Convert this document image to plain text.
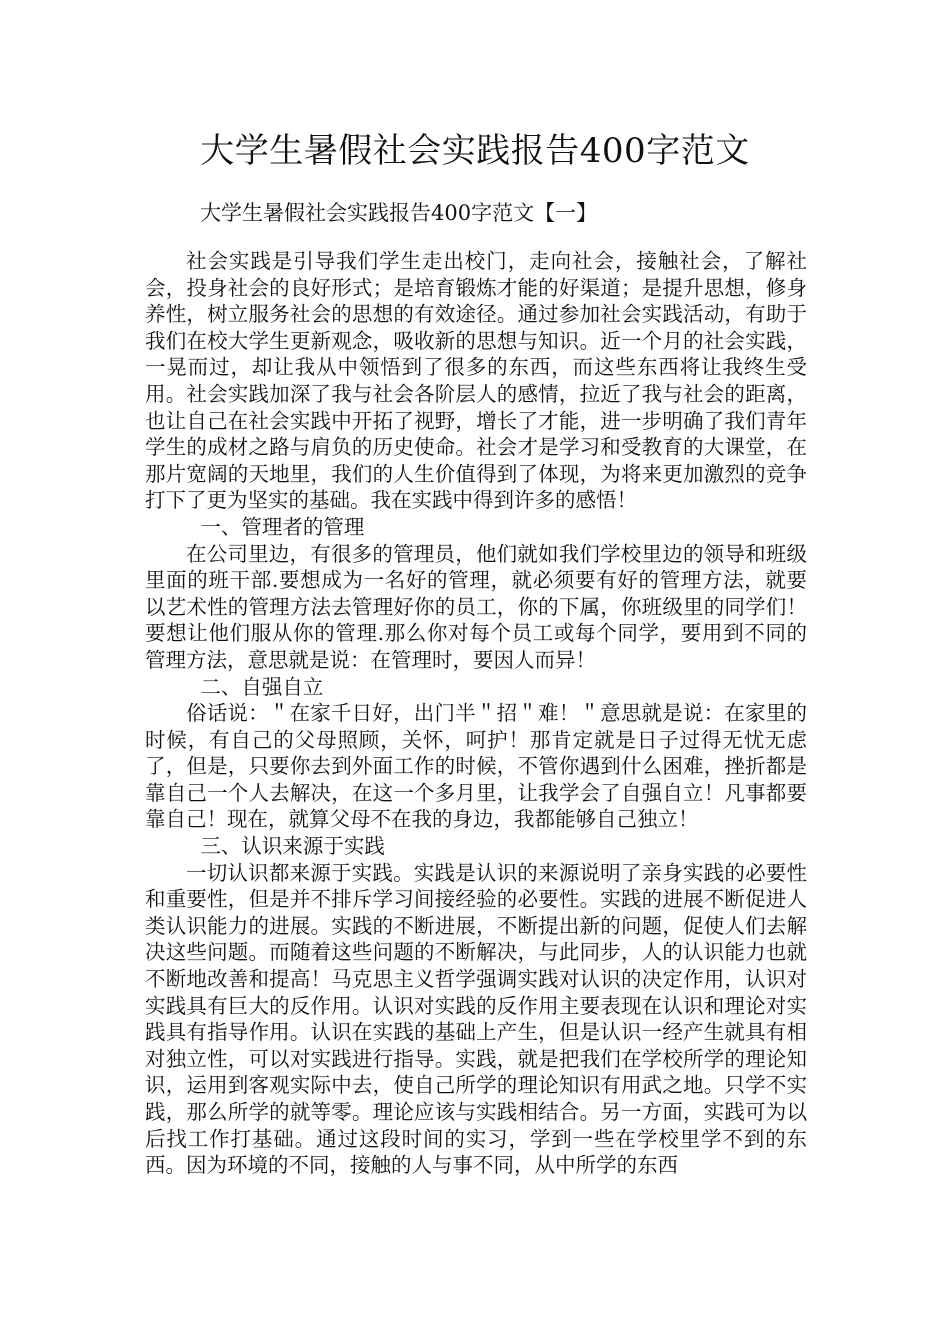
大学生暑假社会实践报告400字范文
大学生暑假社会实践报告400字范文【一】

社会实践是引导我们学生走出校门，走向社会，接触社会，了解社会，投身社会的良好形式；是培育锻炼才能的好渠道；是提升思想，修身养性，树立服务社会的思想的有效途径。通过参加社会实践活动，有助于我们在校大学生更新观念，吸收新的思想与知识。近一个月的社会实践，一晃而过，却让我从中领悟到了很多的东西，而这些东西将让我终生受用。社会实践加深了我与社会各阶层人的感情，拉近了我与社会的距离，也让自己在社会实践中开拓了视野，增长了才能，进一步明确了我们青年学生的成材之路与肩负的历史使命。社会才是学习和受教育的大课堂，在那片宽阔的天地里，我们的人生价值得到了体现，为将来更加激烈的竞争打下了更为坚实的基础。我在实践中得到许多的感悟！

一、管理者的管理

在公司里边，有很多的管理员，他们就如我们学校里边的领导和班级里面的班干部.要想成为一名好的管理，就必须要有好的管理方法，就要以艺术性的管理方法去管理好你的员工，你的下属，你班级里的同学们！要想让他们服从你的管理.那么你对每个员工或每个同学，要用到不同的管理方法，意思就是说：在管理时，要因人而异！

二、自强自立

俗话说：＂在家千日好，出门半＂招＂难！＂意思就是说：在家里的时候，有自己的父母照顾，关怀，呵护！那肯定就是日子过得无忧无虑了，但是，只要你去到外面工作的时候，不管你遇到什么困难，挫折都是靠自己一个人去解决，在这一个多月里，让我学会了自强自立！凡事都要靠自己！现在，就算父母不在我的身边，我都能够自己独立！

三、认识来源于实践

一切认识都来源于实践。实践是认识的来源说明了亲身实践的必要性和重要性，但是并不排斥学习间接经验的必要性。实践的进展不断促进人类认识能力的进展。实践的不断进展，不断提出新的问题，促使人们去解决这些问题。而随着这些问题的不断解决，与此同步，人的认识能力也就不断地改善和提高！马克思主义哲学强调实践对认识的决定作用，认识对实践具有巨大的反作用。认识对实践的反作用主要表现在认识和理论对实践具有指导作用。认识在实践的基础上产生，但是认识一经产生就具有相对独立性，可以对实践进行指导。实践，就是把我们在学校所学的理论知识，运用到客观实际中去，使自己所学的理论知识有用武之地。只学不实践，那么所学的就等零。理论应该与实践相结合。另一方面，实践可为以后找工作打基础。通过这段时间的实习，学到一些在学校里学不到的东西。因为环境的不同，接触的人与事不同，从中所学的东西
